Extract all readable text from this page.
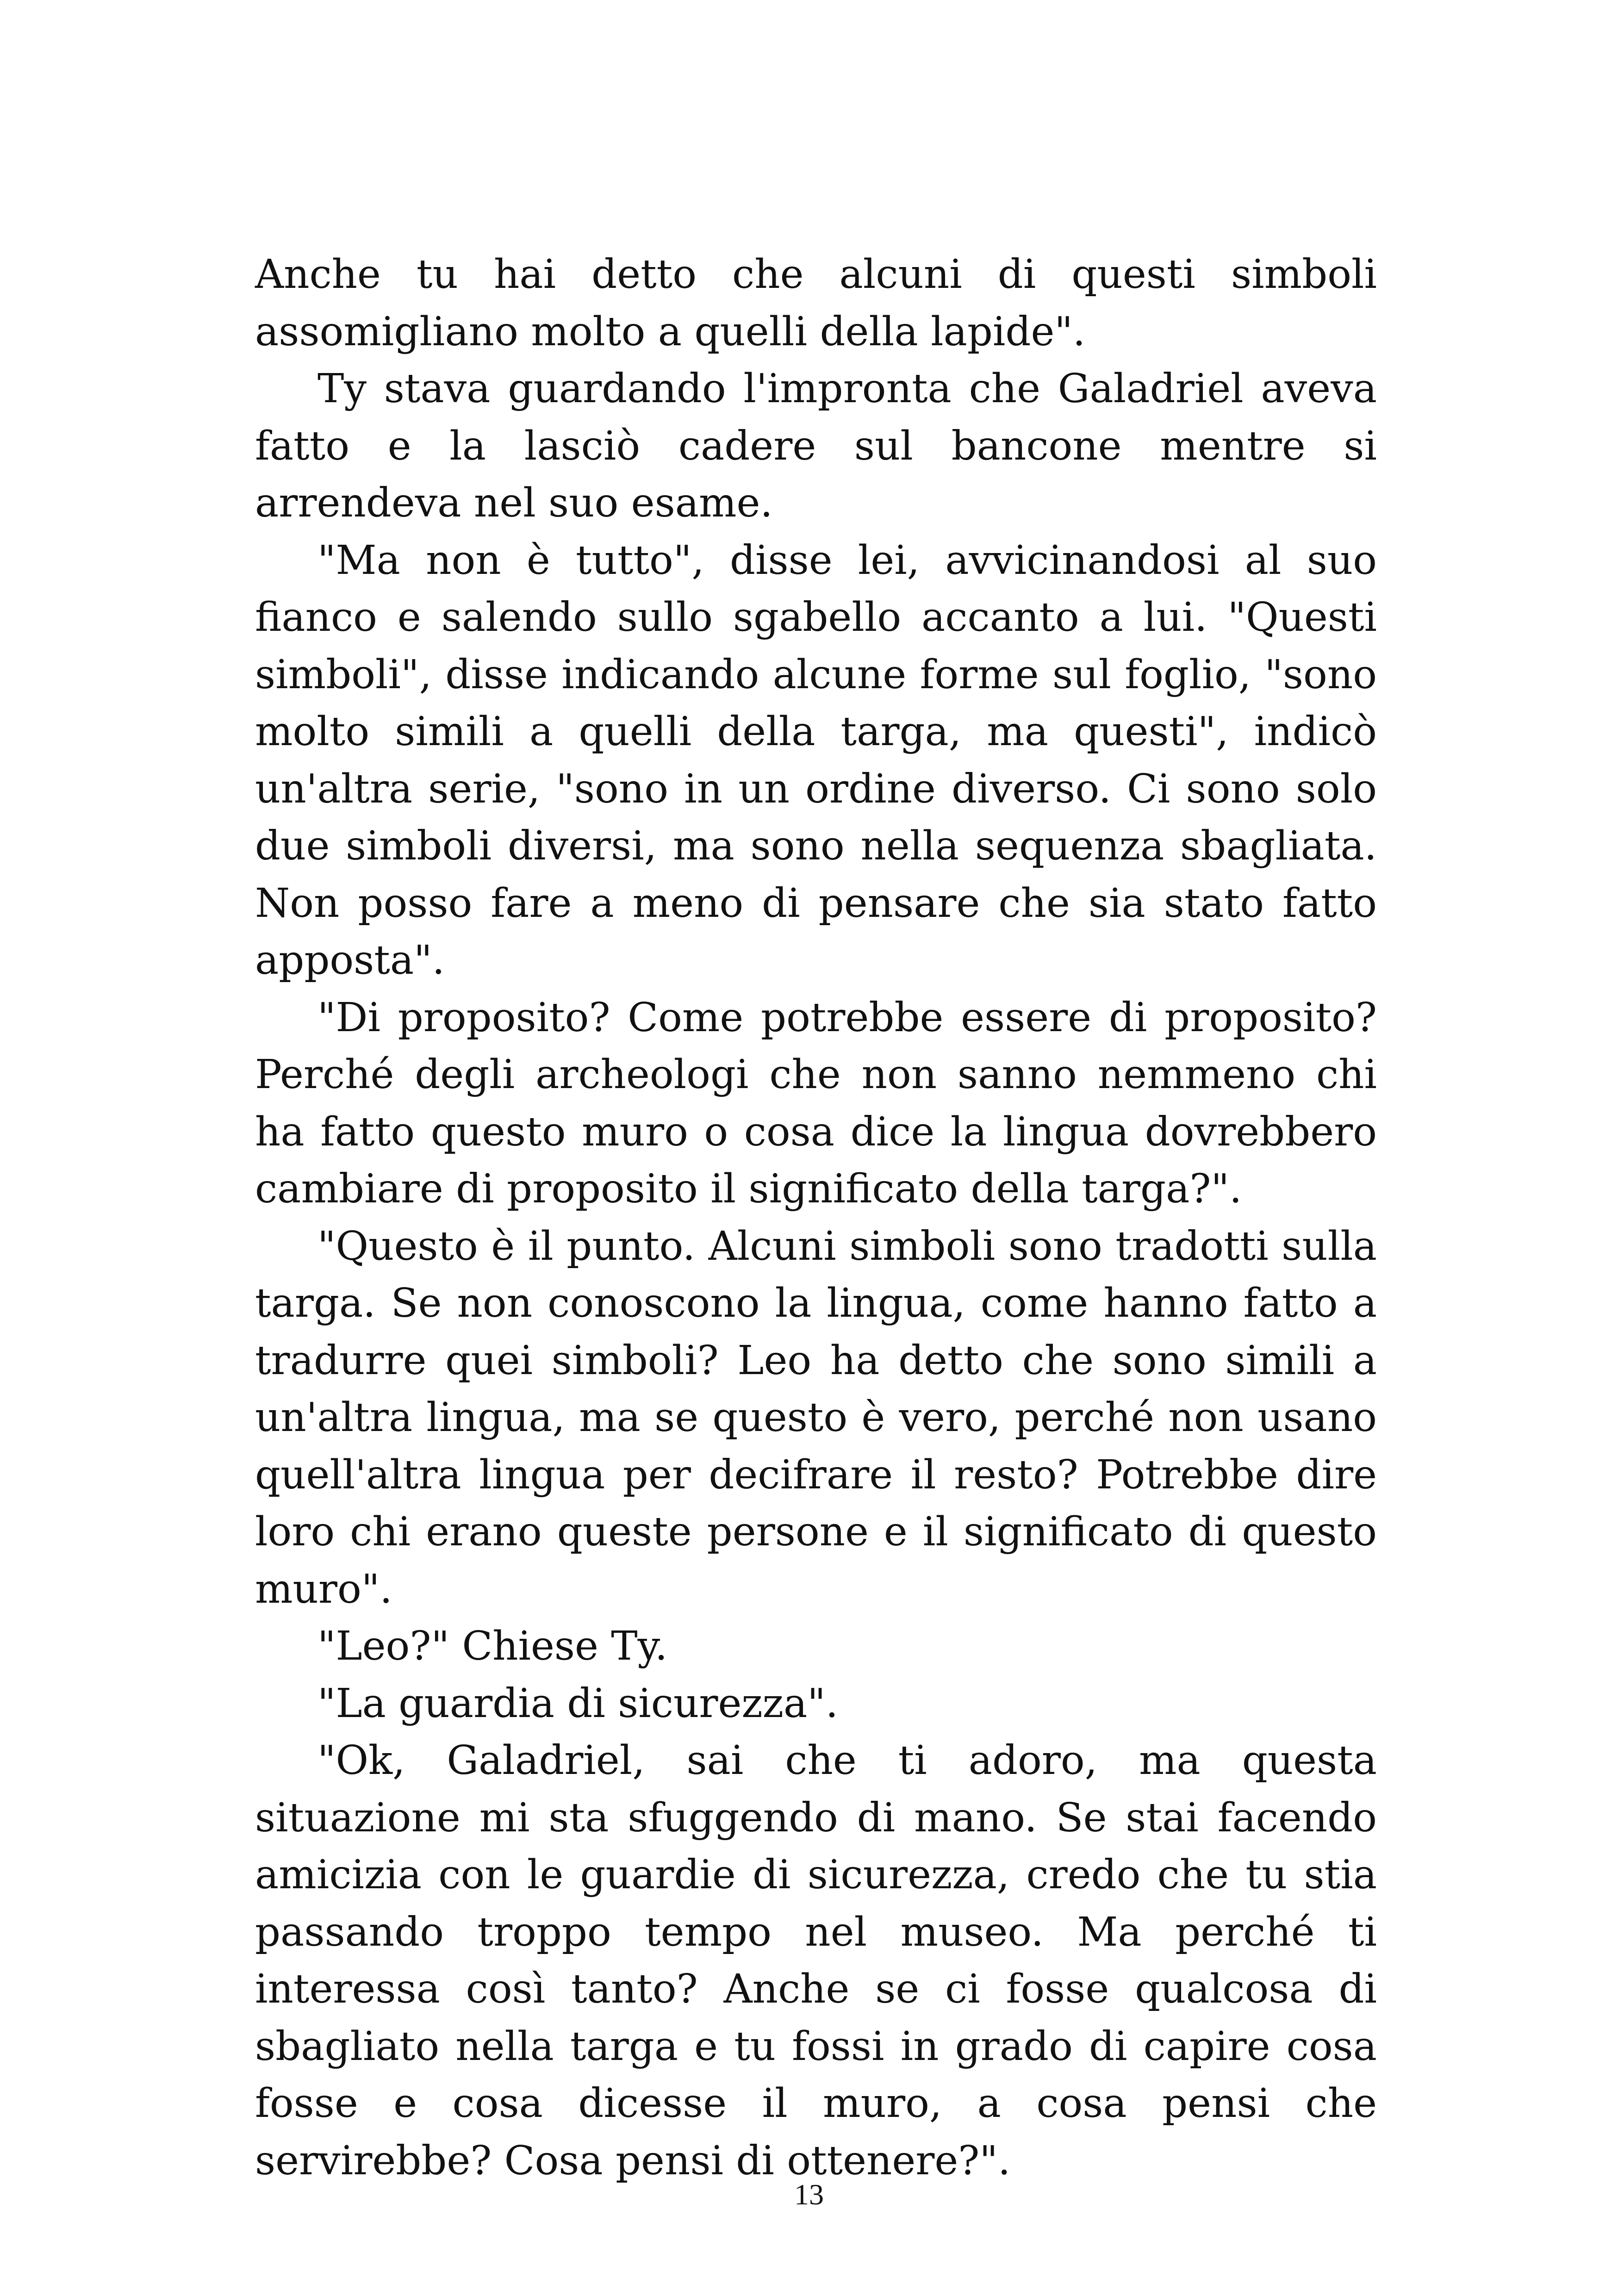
Anche tu hai detto che alcuni di questi simboli assomigliano molto a quelli della lapide".

Ty stava guardando l'impronta che Galadriel aveva fatto e la lasciò cadere sul bancone mentre si arrendeva nel suo esame.

"Ma non è tutto", disse lei, avvicinandosi al suo fianco e salendo sullo sgabello accanto a lui. "Questi simboli", disse indicando alcune forme sul foglio, "sono molto simili a quelli della targa, ma questi", indicò un'altra serie, "sono in un ordine diverso. Ci sono solo due simboli diversi, ma sono nella sequenza sbagliata. Non posso fare a meno di pensare che sia stato fatto apposta".

"Di proposito? Come potrebbe essere di proposito? Perché degli archeologi che non sanno nemmeno chi ha fatto questo muro o cosa dice la lingua dovrebbero cambiare di proposito il significato della targa?".

"Questo è il punto. Alcuni simboli sono tradotti sulla targa. Se non conoscono la lingua, come hanno fatto a tradurre quei simboli? Leo ha detto che sono simili a un'altra lingua, ma se questo è vero, perché non usano quell'altra lingua per decifrare il resto? Potrebbe dire loro chi erano queste persone e il significato di questo muro".

"Leo?" Chiese Ty.

"La guardia di sicurezza".

"Ok, Galadriel, sai che ti adoro, ma questa situazione mi sta sfuggendo di mano. Se stai facendo amicizia con le guardie di sicurezza, credo che tu stia passando troppo tempo nel museo. Ma perché ti interessa così tanto? Anche se ci fosse qualcosa di sbagliato nella targa e tu fossi in grado di capire cosa fosse e cosa dicesse il muro, a cosa pensi che servirebbe? Cosa pensi di ottenere?".

13
